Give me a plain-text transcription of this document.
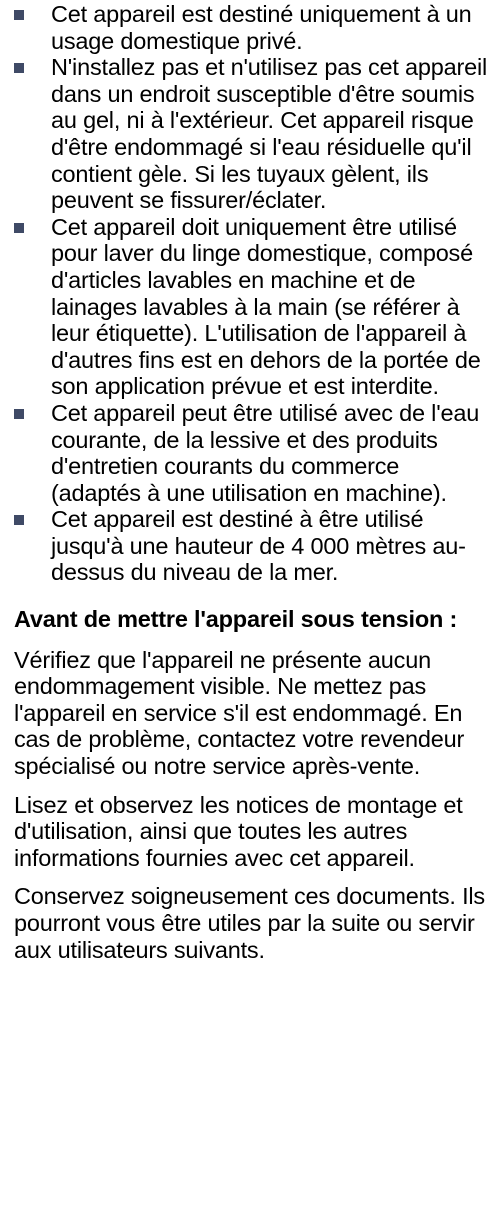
Cet appareil est destiné uniquement à un usage domestique privé.
N'installez pas et n'utilisez pas cet appareil dans un endroit susceptible d'être soumis au gel, ni à l'extérieur. Cet appareil risque d'être endommagé si l'eau résiduelle qu'il contient gèle. Si les tuyaux gèlent, ils peuvent se fissurer/éclater.
Cet appareil doit uniquement être utilisé pour laver du linge domestique, composé d'articles lavables en machine et de lainages lavables à la main (se référer à leur étiquette). L'utilisation de l'appareil à d'autres fins est en dehors de la portée de son application prévue et est interdite.
Cet appareil peut être utilisé avec de l'eau courante, de la lessive et des produits d'entretien courants du commerce (adaptés à une utilisation en machine).
Cet appareil est destiné à être utilisé jusqu'à une hauteur de 4 000 mètres au-dessus du niveau de la mer.
Avant de mettre l'appareil sous tension :

Vérifiez que l'appareil ne présente aucun endommagement visible. Ne mettez pas l'appareil en service s'il est endommagé. En cas de problème, contactez votre revendeur spécialisé ou notre service après-vente.

Lisez et observez les notices de montage et d'utilisation, ainsi que toutes les autres informations fournies avec cet appareil.

Conservez soigneusement ces documents. Ils pourront vous être utiles par la suite ou servir aux utilisateurs suivants.
